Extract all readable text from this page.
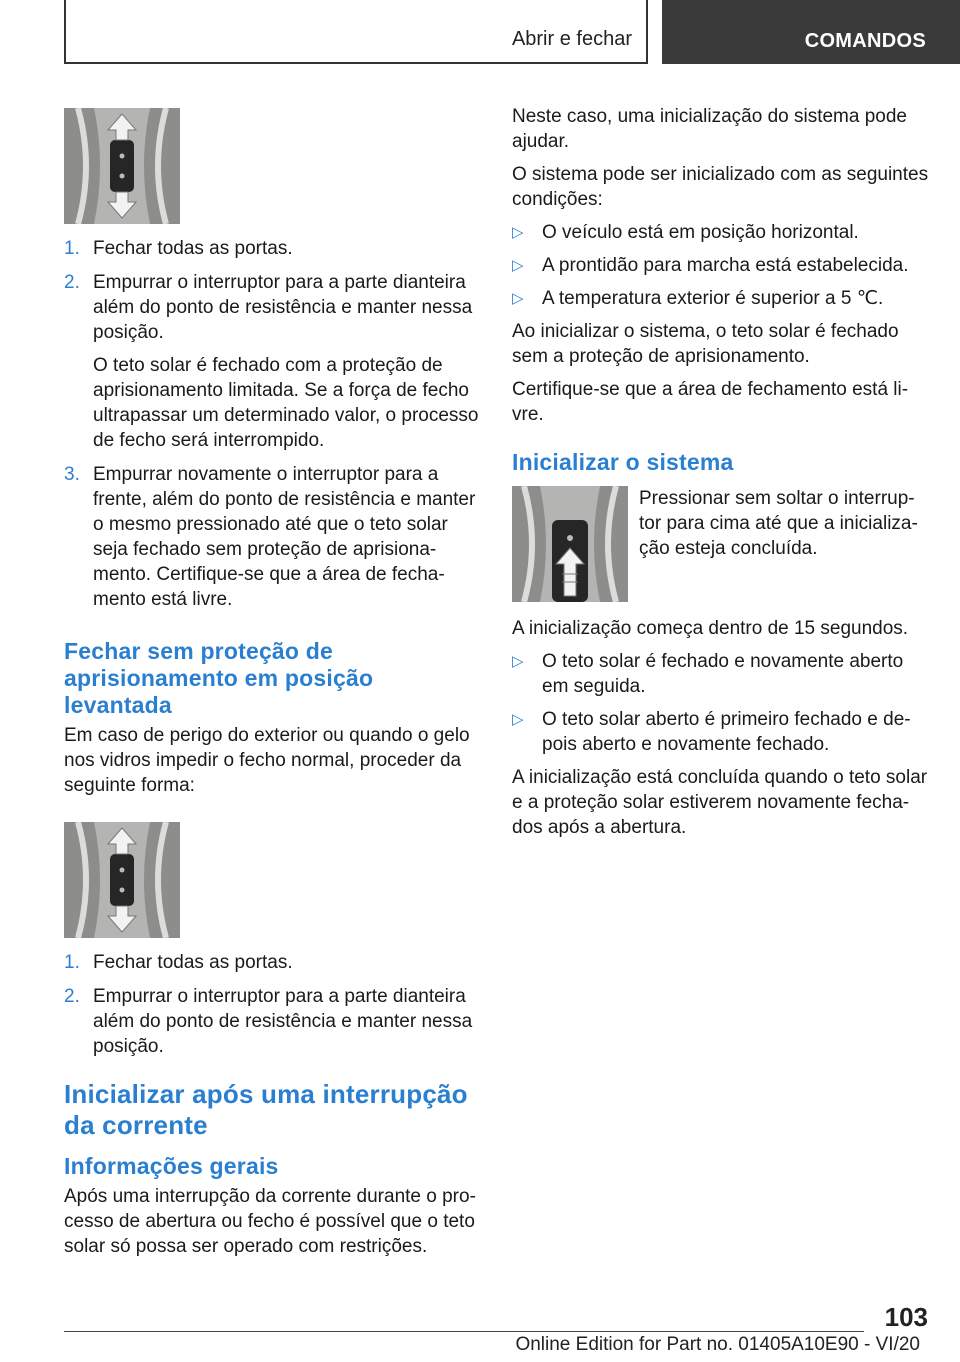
Abrir e fechar	COMANDOS
1. Fechar todas as portas.

2. Empurrar o interruptor para a parte dianteira além do ponto de resistência e manter nessa posição.

O teto solar é fechado com a proteção de aprisionamento limitada. Se a força de fecho ultrapassar um determinado valor, o processo de fecho será interrompido.

3. Empurrar novamente o interruptor para a frente, além do ponto de resistência e manter o mesmo pressionado até que o teto solar seja fechado sem proteção de aprisiona‐mento. Certifique-se que a área de fecha‐mento está livre.

Fechar sem proteção de aprisionamento em posição levantada

Em caso de perigo do exterior ou quando o gelo nos vidros impedir o fecho normal, proceder da seguinte forma:

1. Fechar todas as portas.

2. Empurrar o interruptor para a parte dianteira além do ponto de resistência e manter nessa posição.

Inicializar após uma interrupção da corrente
Informações gerais

Após uma interrupção da corrente durante o pro‐cesso de abertura ou fecho é possível que o teto solar só possa ser operado com restrições.

Neste caso, uma inicialização do sistema pode ajudar.

O sistema pode ser inicializado com as seguintes condições:

▷ O veículo está em posição horizontal.
▷ A prontidão para marcha está estabelecida.
▷ A temperatura exterior é superior a 5 ℃.

Ao inicializar o sistema, o teto solar é fechado sem a proteção de aprisionamento.

Certifique-se que a área de fechamento está li‐vre.

Inicializar o sistema

Pressionar sem soltar o interrup‐tor para cima até que a inicializa‐ção esteja concluída.

A inicialização começa dentro de 15 segundos.

▷ O teto solar é fechado e novamente aberto em seguida.
▷ O teto solar aberto é primeiro fechado e de‐pois aberto e novamente fechado.

A inicialização está concluída quando o teto solar e a proteção solar estiverem novamente fecha‐dos após a abertura.

103
Online Edition for Part no. 01405A10E90 - VI/20
